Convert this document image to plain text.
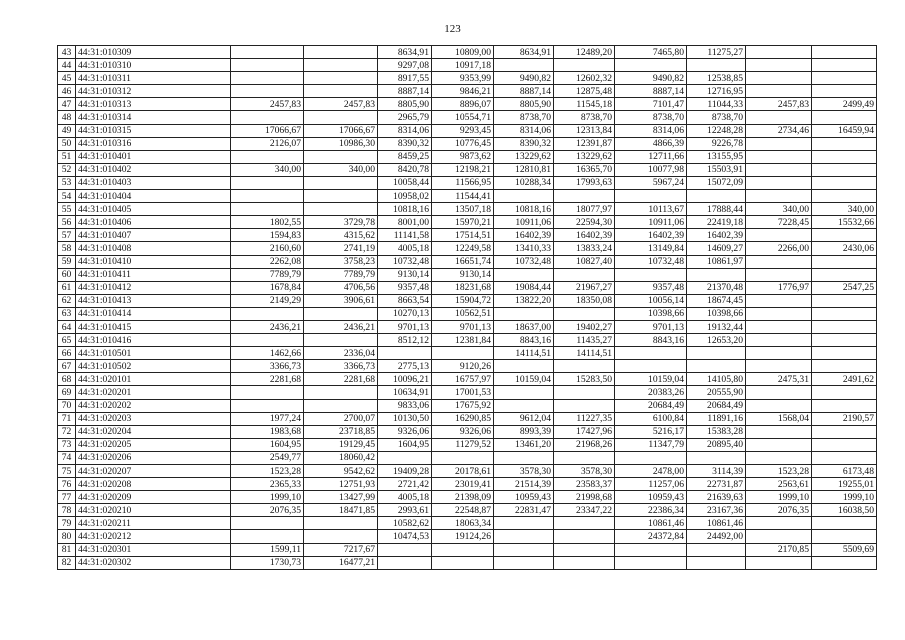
123
43	44:31:010309			8634,91	10809,00	8634,91	12489,20	7465,80	11275,27		
44	44:31:010310			9297,08	10917,18						
45	44:31:010311			8917,55	9353,99	9490,82	12602,32	9490,82	12538,85		
46	44:31:010312			8887,14	9846,21	8887,14	12875,48	8887,14	12716,95		
47	44:31:010313	2457,83	2457,83	8805,90	8896,07	8805,90	11545,18	7101,47	11044,33	2457,83	2499,49
48	44:31:010314			2965,79	10554,71	8738,70	8738,70	8738,70	8738,70		
49	44:31:010315	17066,67	17066,67	8314,06	9293,45	8314,06	12313,84	8314,06	12248,28	2734,46	16459,94
50	44:31:010316	2126,07	10986,30	8390,32	10776,45	8390,32	12391,87	4866,39	9226,78		
51	44:31:010401			8459,25	9873,62	13229,62	13229,62	12711,66	13155,95		
52	44:31:010402	340,00	340,00	8420,78	12198,21	12810,81	16365,70	10077,98	15503,91		
53	44:31:010403			10058,44	11566,95	10288,34	17993,63	5967,24	15072,09		
54	44:31:010404			10958,02	11544,41						
55	44:31:010405			10818,16	13507,18	10818,16	18077,97	10113,67	17888,44	340,00	340,00
56	44:31:010406	1802,55	3729,78	8001,00	15970,21	10911,06	22594,30	10911,06	22419,18	7228,45	15532,66
57	44:31:010407	1594,83	4315,62	11141,58	17514,51	16402,39	16402,39	16402,39	16402,39		
58	44:31:010408	2160,60	2741,19	4005,18	12249,58	13410,33	13833,24	13149,84	14609,27	2266,00	2430,06
59	44:31:010410	2262,08	3758,23	10732,48	16651,74	10732,48	10827,40	10732,48	10861,97		
60	44:31:010411	7789,79	7789,79	9130,14	9130,14						
61	44:31:010412	1678,84	4706,56	9357,48	18231,68	19084,44	21967,27	9357,48	21370,48	1776,97	2547,25
62	44:31:010413	2149,29	3906,61	8663,54	15904,72	13822,20	18350,08	10056,14	18674,45		
63	44:31:010414			10270,13	10562,51			10398,66	10398,66		
64	44:31:010415	2436,21	2436,21	9701,13	9701,13	18637,00	19402,27	9701,13	19132,44		
65	44:31:010416			8512,12	12381,84	8843,16	11435,27	8843,16	12653,20		
66	44:31:010501	1462,66	2336,04			14114,51	14114,51				
67	44:31:010502	3366,73	3366,73	2775,13	9120,26						
68	44:31:020101	2281,68	2281,68	10096,21	16757,97	10159,04	15283,50	10159,04	14105,80	2475,31	2491,62
69	44:31:020201			10634,91	17001,53			20383,26	20555,90		
70	44:31:020202			9833,06	17675,92			20684,49	20684,49		
71	44:31:020203	1977,24	2700,07	10130,50	16290,85	9612,04	11227,35	6100,84	11891,16	1568,04	2190,57
72	44:31:020204	1983,68	23718,85	9326,06	9326,06	8993,39	17427,96	5216,17	15383,28		
73	44:31:020205	1604,95	19129,45	1604,95	11279,52	13461,20	21968,26	11347,79	20895,40		
74	44:31:020206	2549,77	18060,42								
75	44:31:020207	1523,28	9542,62	19409,28	20178,61	3578,30	3578,30	2478,00	3114,39	1523,28	6173,48
76	44:31:020208	2365,33	12751,93	2721,42	23019,41	21514,39	23583,37	11257,06	22731,87	2563,61	19255,01
77	44:31:020209	1999,10	13427,99	4005,18	21398,09	10959,43	21998,68	10959,43	21639,63	1999,10	1999,10
78	44:31:020210	2076,35	18471,85	2993,61	22548,87	22831,47	23347,22	22386,34	23167,36	2076,35	16038,50
79	44:31:020211			10582,62	18063,34			10861,46	10861,46		
80	44:31:020212			10474,53	19124,26			24372,84	24492,00		
81	44:31:020301	1599,11	7217,67							2170,85	5509,69
82	44:31:020302	1730,73	16477,21								
